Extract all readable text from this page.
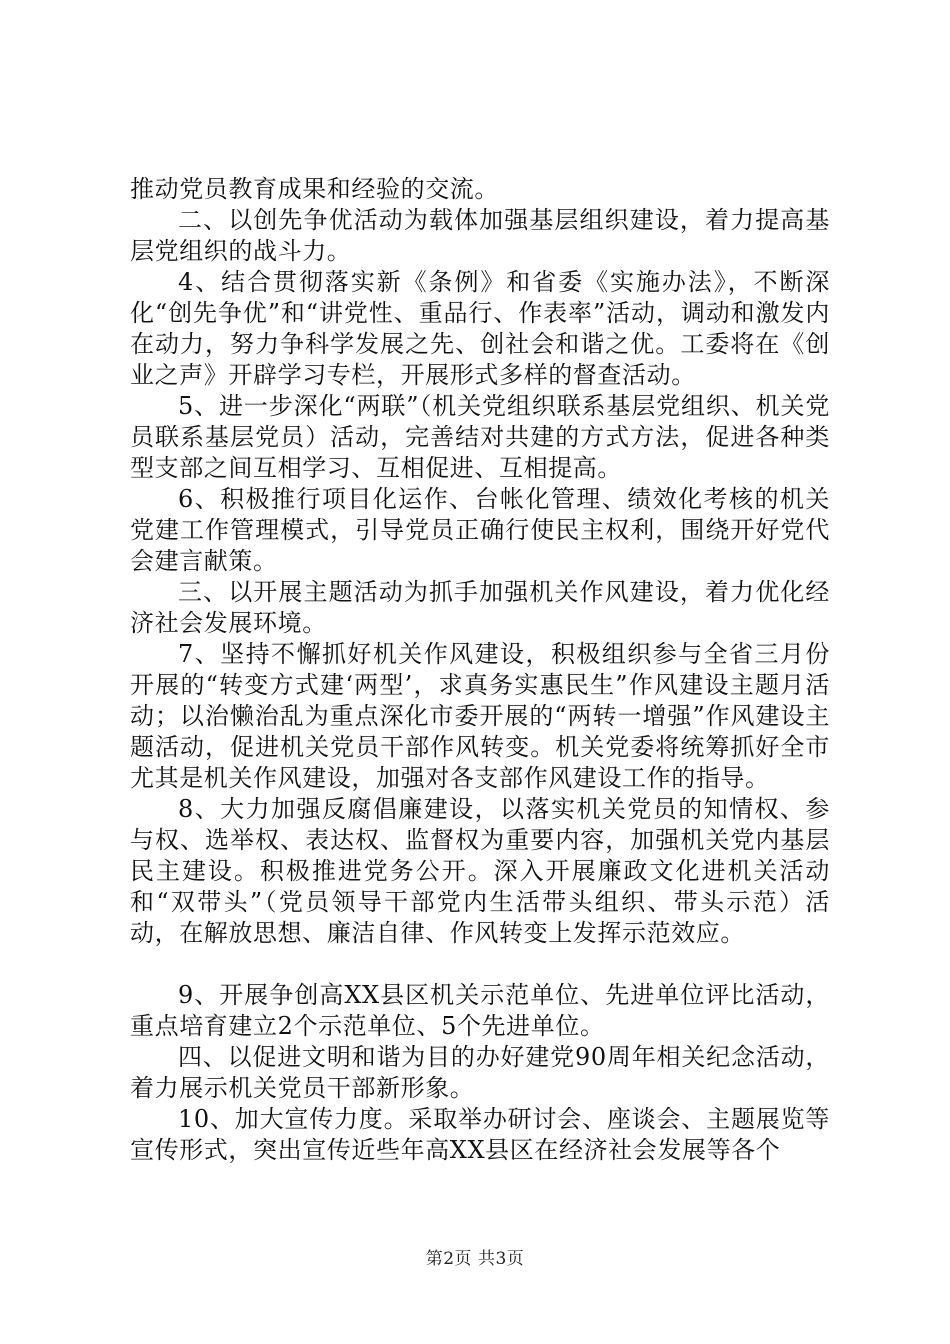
推动党员教育成果和经验的交流。

二、以创先争优活动为载体加强基层组织建设，着力提高基层党组织的战斗力。

4、结合贯彻落实新《条例》和省委《实施办法》，不断深化“创先争优”和“讲党性、重品行、作表率”活动，调动和激发内在动力，努力争科学发展之先、创社会和谐之优。工委将在《创业之声》开辟学习专栏，开展形式多样的督查活动。

5、进一步深化“两联”（机关党组织联系基层党组织、机关党员联系基层党员）活动，完善结对共建的方式方法，促进各种类型支部之间互相学习、互相促进、互相提高。

6、积极推行项目化运作、台帐化管理、绩效化考核的机关党建工作管理模式，引导党员正确行使民主权利，围绕开好党代会建言献策。

三、以开展主题活动为抓手加强机关作风建设，着力优化经济社会发展环境。

7、坚持不懈抓好机关作风建设，积极组织参与全省三月份开展的“转变方式建‘两型’，求真务实惠民生”作风建设主题月活动；以治懒治乱为重点深化市委开展的“两转一增强”作风建设主题活动，促进机关党员干部作风转变。机关党委将统筹抓好全市尤其是机关作风建设，加强对各支部作风建设工作的指导。

8、大力加强反腐倡廉建设，以落实机关党员的知情权、参与权、选举权、表达权、监督权为重要内容，加强机关党内基层民主建设。积极推进党务公开。深入开展廉政文化进机关活动和“双带头”（党员领导干部党内生活带头组织、带头示范）活动，在解放思想、廉洁自律、作风转变上发挥示范效应。

9、开展争创高XX县区机关示范单位、先进单位评比活动，重点培育建立2个示范单位、5个先进单位。

四、以促进文明和谐为目的办好建党90周年相关纪念活动，着力展示机关党员干部新形象。

10、加大宣传力度。采取举办研讨会、座谈会、主题展览等宣传形式，突出宣传近些年高XX县区在经济社会发展等各个

第2页 共3页
